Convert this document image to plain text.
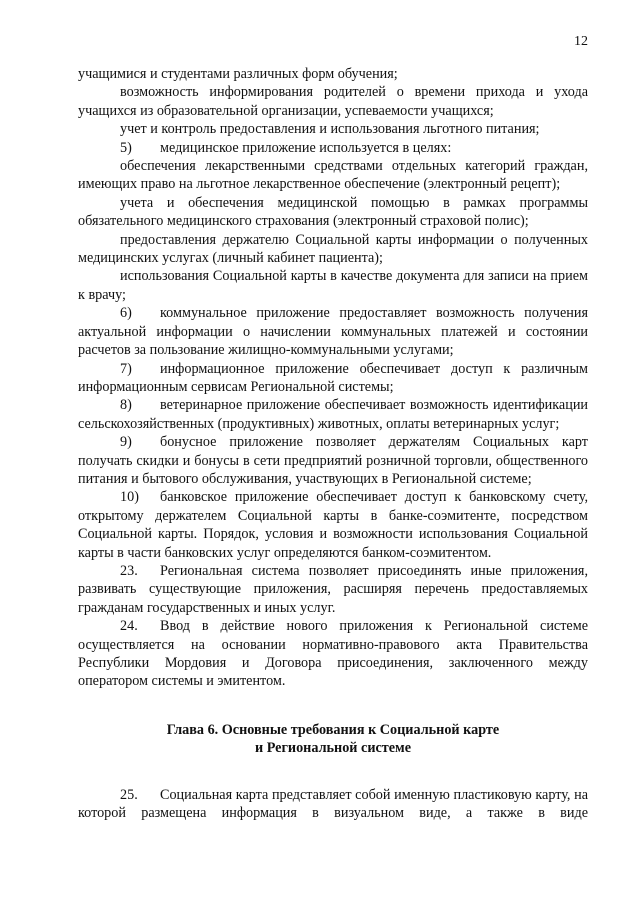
12

учащимися и студентами различных форм обучения;

возможность информирования родителей о времени прихода и ухода учащихся из образовательной организации, успеваемости учащихся;

учет и контроль предоставления и использования льготного питания;

5) медицинское приложение используется в целях:

обеспечения лекарственными средствами отдельных категорий граждан, имеющих право на льготное лекарственное обеспечение (электронный рецепт);

учета и обеспечения медицинской помощью в рамках программы обязательного медицинского страхования (электронный страховой полис);

предоставления держателю Социальной карты информации о полученных медицинских услугах (личный кабинет пациента);

использования Социальной карты в качестве документа для записи на прием к врачу;

6) коммунальное приложение предоставляет возможность получения актуальной информации о начислении коммунальных платежей и состоянии расчетов за пользование жилищно-коммунальными услугами;

7) информационное приложение обеспечивает доступ к различным информационным сервисам Региональной системы;

8) ветеринарное приложение обеспечивает возможность идентификации сельскохозяйственных (продуктивных) животных, оплаты ветеринарных услуг;

9) бонусное приложение позволяет держателям Социальных карт получать скидки и бонусы в сети предприятий розничной торговли, общественного питания и бытового обслуживания, участвующих в Региональной системе;

10) банковское приложение обеспечивает доступ к банковскому счету, открытому держателем Социальной карты в банке-соэмитенте, посредством Социальной карты. Порядок, условия и возможности использования Социальной карты в части банковских услуг определяются банком-соэмитентом.

23. Региональная система позволяет присоединять иные приложения, развивать существующие приложения, расширяя перечень предоставляемых гражданам государственных и иных услуг.

24. Ввод в действие нового приложения к Региональной системе осуществляется на основании нормативно-правового акта Правительства Республики Мордовия и Договора присоединения, заключенного между оператором системы и эмитентом.

Глава 6. Основные требования к Социальной карте
и Региональной системе

25. Социальная карта представляет собой именную пластиковую карту, на которой размещена информация в визуальном виде, а также в виде
